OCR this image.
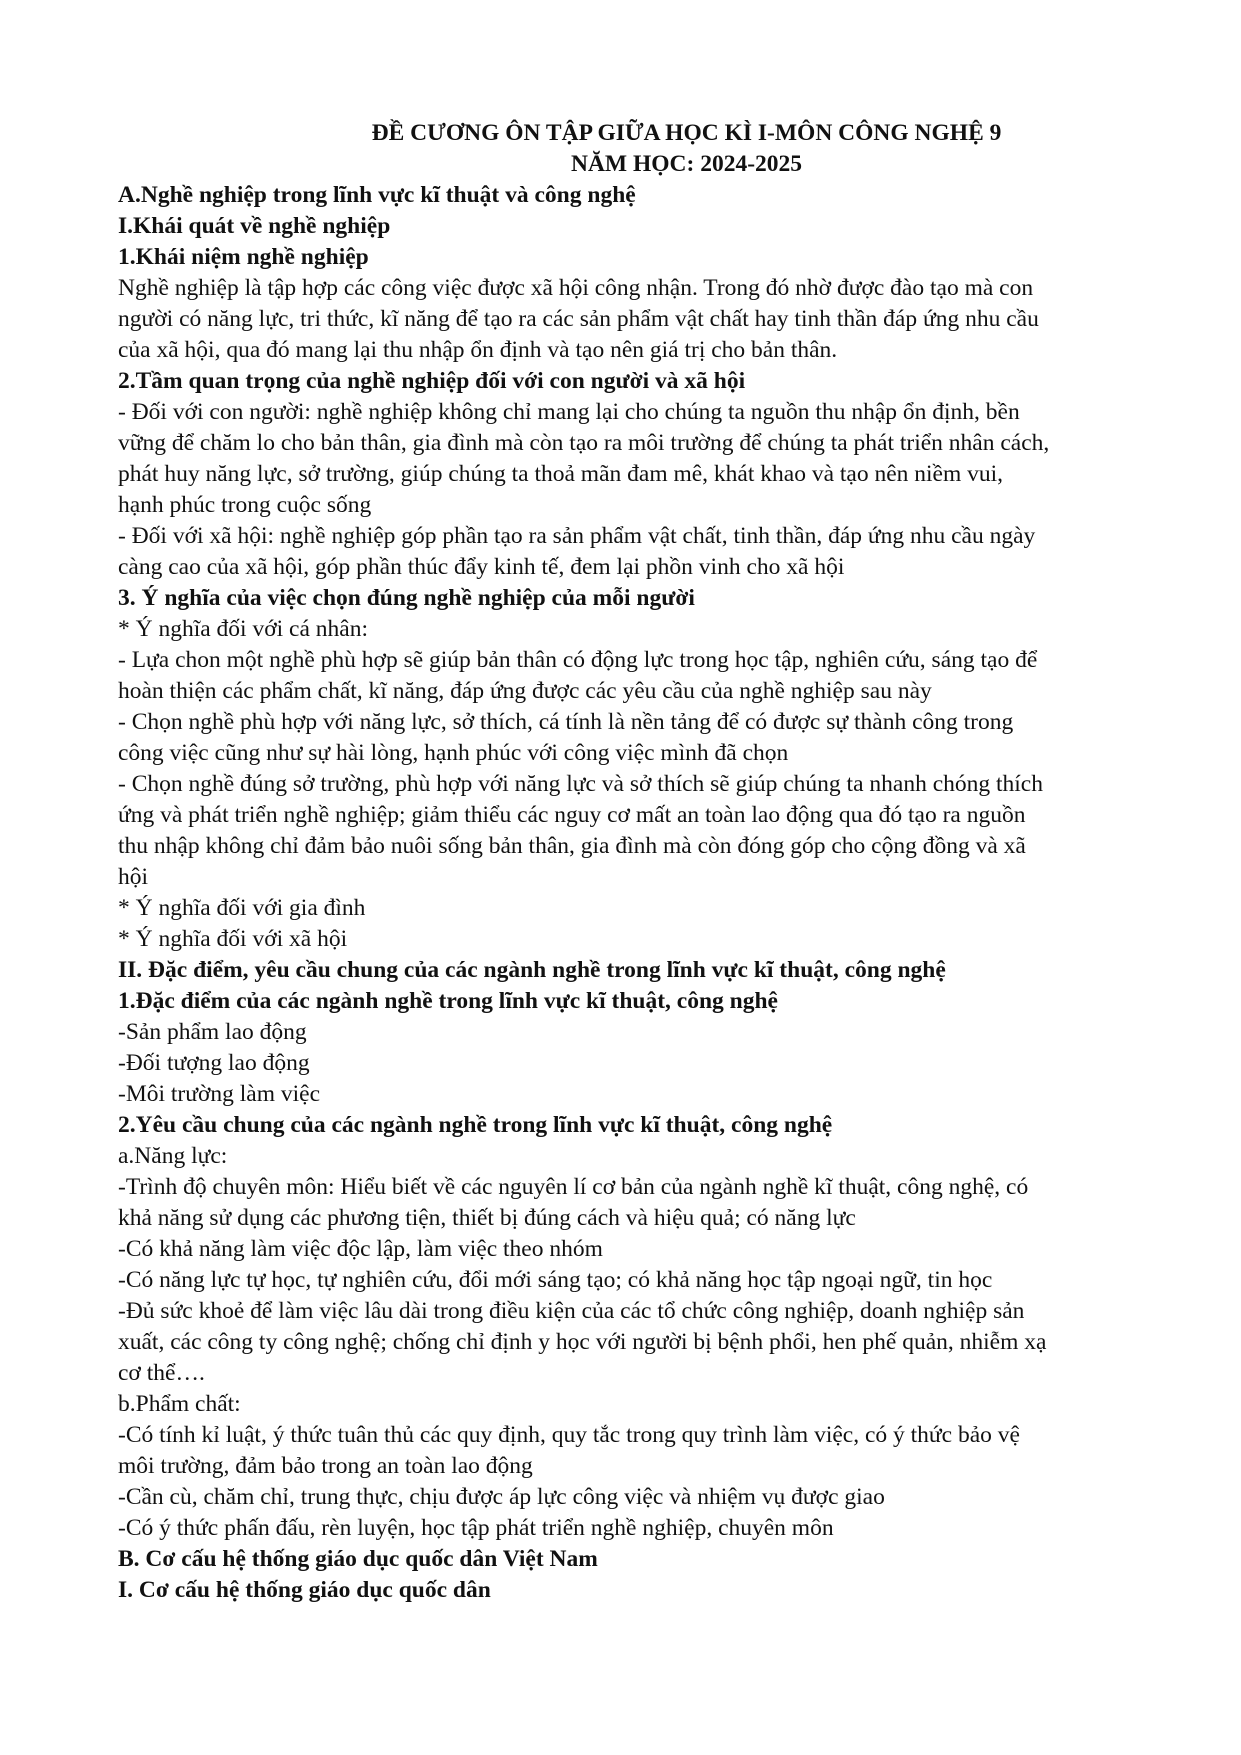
ĐỀ CƯƠNG ÔN TẬP GIỮA HỌC KÌ I-MÔN CÔNG NGHỆ 9
NĂM HỌC: 2024-2025
A.Nghề nghiệp trong lĩnh vực kĩ thuật và công nghệ
I.Khái quát về nghề nghiệp
1.Khái niệm nghề nghiệp
Nghề nghiệp là tập hợp các công việc được xã hội công nhận. Trong đó nhờ được đào tạo mà con
người có năng lực, tri thức, kĩ năng để tạo ra các sản phẩm vật chất hay tinh thần đáp ứng nhu cầu
của xã hội, qua đó mang lại thu nhập ổn định và tạo nên giá trị cho bản thân.
2.Tầm quan trọng của nghề nghiệp đối với con người và xã hội
- Đối với con người: nghề nghiệp không chỉ mang lại cho chúng ta nguồn thu nhập ổn định, bền
vững để chăm lo cho bản thân, gia đình mà còn tạo ra môi trường để chúng ta phát triển nhân cách,
phát huy năng lực, sở trường, giúp chúng ta thoả mãn đam mê, khát khao và tạo nên niềm vui,
hạnh phúc trong cuộc sống
- Đối với xã hội: nghề nghiệp góp phần tạo ra sản phẩm vật chất, tinh thần, đáp ứng nhu cầu ngày
càng cao của xã hội, góp phần thúc đẩy kinh tế, đem lại phồn vinh cho xã hội
3. Ý nghĩa của việc chọn đúng nghề nghiệp của mỗi người
* Ý nghĩa đối với cá nhân:
- Lựa chon một nghề phù hợp sẽ giúp bản thân có động lực trong học tập, nghiên cứu, sáng tạo để
hoàn thiện các phẩm chất, kĩ năng, đáp ứng được các yêu cầu của nghề nghiệp sau này
- Chọn nghề phù hợp với năng lực, sở thích, cá tính là nền tảng để có được sự thành công trong
công việc cũng như sự hài lòng, hạnh phúc với công việc mình đã chọn
- Chọn nghề đúng sở trường, phù hợp với năng lực và sở thích sẽ giúp chúng ta nhanh chóng thích
ứng và phát triển nghề nghiệp; giảm thiểu các nguy cơ mất an toàn lao động qua đó tạo ra nguồn
thu nhập không chỉ đảm bảo nuôi sống bản thân, gia đình mà còn đóng góp cho cộng đồng và xã
hội
* Ý nghĩa đối với gia đình
* Ý nghĩa đối với xã hội
II. Đặc điểm, yêu cầu chung của các ngành nghề trong lĩnh vực kĩ thuật, công nghệ
1.Đặc điểm của các ngành nghề trong lĩnh vực kĩ thuật, công nghệ
-Sản phẩm lao động
-Đối tượng lao động
-Môi trường làm việc
2.Yêu cầu chung của các ngành nghề trong lĩnh vực kĩ thuật, công nghệ
a.Năng lực:
-Trình độ chuyên môn: Hiểu biết về các nguyên lí cơ bản của ngành nghề kĩ thuật, công nghệ, có
khả năng sử dụng các phương tiện, thiết bị đúng cách và hiệu quả; có năng lực
-Có khả năng làm việc độc lập, làm việc theo nhóm
-Có năng lực tự học, tự nghiên cứu, đổi mới sáng tạo; có khả năng học tập ngoại ngữ, tin học
-Đủ sức khoẻ để làm việc lâu dài trong điều kiện của các tổ chức công nghiệp, doanh nghiệp sản
xuất, các công ty công nghệ; chống chỉ định y học với người bị bệnh phổi, hen phế quản, nhiễm xạ
cơ thể….
b.Phẩm chất:
-Có tính kỉ luật, ý thức tuân thủ các quy định, quy tắc trong quy trình làm việc, có ý thức bảo vệ
môi trường, đảm bảo trong an toàn lao động
-Cần cù, chăm chỉ, trung thực, chịu được áp lực công việc và nhiệm vụ được giao
-Có ý thức phấn đấu, rèn luyện, học tập phát triển nghề nghiệp, chuyên môn
B. Cơ cấu hệ thống giáo dục quốc dân Việt Nam
I. Cơ cấu hệ thống giáo dục quốc dân
